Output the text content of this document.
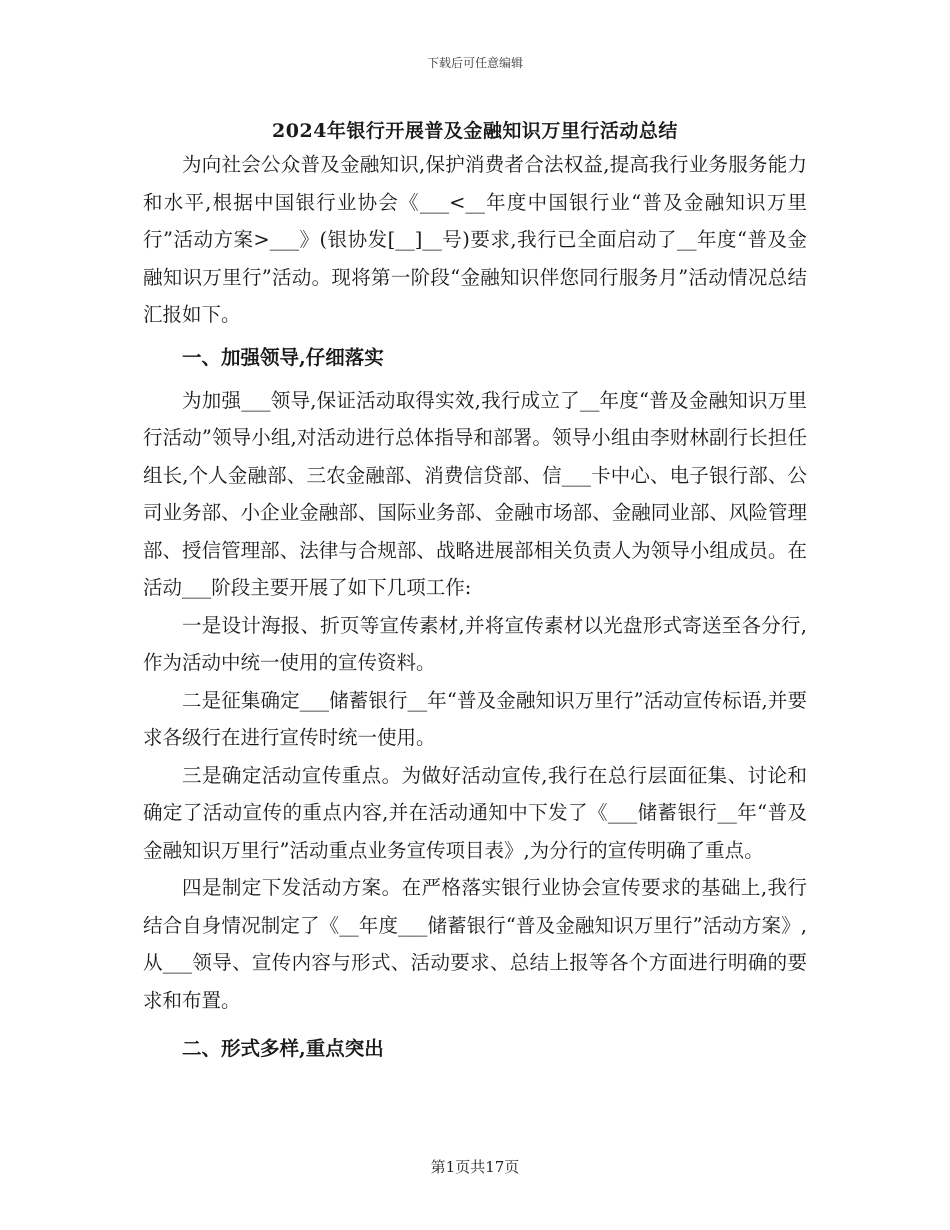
下载后可任意编辑
2024年银行开展普及金融知识万里行活动总结

为向社会公众普及金融知识,保护消费者合法权益,提高我行业务服务能力和水平,根据中国银行业协会《___<__年度中国银行业“普及金融知识万里行”活动方案>___》(银协发[__]__号)要求,我行已全面启动了__年度“普及金融知识万里行”活动。现将第一阶段“金融知识伴您同行服务月”活动情况总结汇报如下。

一、加强领导,仔细落实

为加强___领导,保证活动取得实效,我行成立了__年度“普及金融知识万里行活动”领导小组,对活动进行总体指导和部署。领导小组由李财林副行长担任组长,个人金融部、三农金融部、消费信贷部、信___卡中心、电子银行部、公司业务部、小企业金融部、国际业务部、金融市场部、金融同业部、风险管理部、授信管理部、法律与合规部、战略进展部相关负责人为领导小组成员。在活动___阶段主要开展了如下几项工作:

一是设计海报、折页等宣传素材,并将宣传素材以光盘形式寄送至各分行,作为活动中统一使用的宣传资料。

二是征集确定___储蓄银行__年“普及金融知识万里行”活动宣传标语,并要求各级行在进行宣传时统一使用。

三是确定活动宣传重点。为做好活动宣传,我行在总行层面征集、讨论和确定了活动宣传的重点内容,并在活动通知中下发了《___储蓄银行__年“普及金融知识万里行”活动重点业务宣传项目表》,为分行的宣传明确了重点。

四是制定下发活动方案。在严格落实银行业协会宣传要求的基础上,我行结合自身情况制定了《__年度___储蓄银行“普及金融知识万里行”活动方案》,从___领导、宣传内容与形式、活动要求、总结上报等各个方面进行明确的要求和布置。

二、形式多样,重点突出

第1页共17页
